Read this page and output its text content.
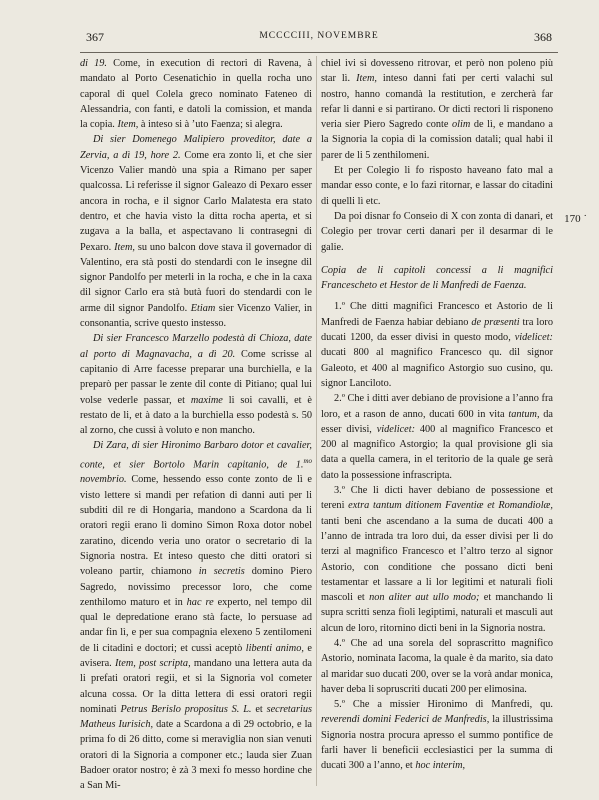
367	MCCCCIII, NOVEMBRE	368
170 ˙

di 19. Come, in execution di rectori di Ravena, à mandato al Porto Cesenatichio in quella rocha uno caporal di quel Colela greco nominato Fateneo di Alessandria, con fanti, e datoli la comission, et manda la copia. Item, à inteso si à ’uto Faenza; si alegra.

Di sier Domenego Malipiero proveditor, date a Zervia, a dì 19, hore 2. Come era zonto li, et che sier Vicenzo Valier mandò una spia a Rimano per saper qualcossa. Li referisse il signor Galeazo di Pexaro esser ancora in rocha, e il signor Carlo Malatesta era stato dentro, et che havia visto la ditta rocha aperta, et si zugava a la balla, et aspectavano li contrasegni di Pexaro. Item, su uno balcon dove stava il governador di Valentino, era stà posti do stendardi con le insegne dil signor Pandolfo per meterli in la rocha, e che in la caxa dil signor Carlo era stà butà fuori do stendardi con le arme dil signor Pandolfo. Etiam sier Vicenzo Valier, in consonantia, scrive questo instesso.

Di sier Francesco Marzello podestà di Chioza, date al porto di Magnavacha, a dì 20. Come scrisse al capitanio di Arre facesse preparar una burchiella, e la preparò per passar le zente dil conte di Pitiano; qual lui volse vederle passar, et maxime li soi cavalli, et è restato de li, et à dato a la burchiella esso podestà s. 50 al zorno, che cussì à voluto e non mancho.

Di Zara, di sier Hironimo Barbaro dotor et cavalier, conte, et sier Bortolo Marin capitanio, de 1.$^{mo}$ novembrio. Come, hessendo esso conte zonto de lì e visto lettere si mandi per refation di danni auti per li subditi dil re di Hongaria, mandono a Scardona da li oratori regii erano lì domino Simon Roxa dotor nobel zaratino, dicendo veria uno orator o secretario di la Signoria nostra. Et inteso questo che ditti oratori si voleano partir, chiamono in secretis domino Piero Sagredo, novissimo precessor loro, che come zenthilomo maturo et in hac re experto, nel tempo dil qual le depredatione erano stà facte, lo persuase ad andar fin lì, e per sua compagnia elexeno 5 zentilomeni de li citadini e doctori; et cussì aceptò libenti animo, e avisera. Item, post scripta, mandano una lettera auta da li prefati oratori regii, et si la Signoria vol cometer alcuna cossa. Or la ditta lettera di essi oratori regii nominati Petrus Berislo propositus S. L. et secretarius Matheus Iurisich, date a Scardona a dì 29 octobrio, e la prima fo di 26 ditto, come si meraviglia non sian venuti oratori di la Signoria a componer etc.; lauda sier Zuan Badoer orator nostro; è zà 3 mexi fo messo hordine che a San Mi-

chiel ivi si dovesseno ritrovar, et però non poleno più star lì. Item, inteso danni fati per certi valachi sul nostro, hanno comandà la restitution, e zercherà far refar li danni e si partirano. Or dicti rectori li risponeno veria sier Piero Sagredo conte olim de lì, e mandano a la Signoria la copia di la comission datali; qual habi il parer de li 5 zenthilomeni.

Et per Colegio li fo risposto haveano fato mal a mandar esso conte, e lo fazi ritornar, e lassar do citadini di quelli lì etc.

Da poi disnar fo Conseio di X con zonta di danari, et Colegio per trovar certi danari per il desarmar di le galie.

Copia de li capitoli concessi a li magnifici Francescheto et Hestor de li Manfredi de Faenza.

1.º Che ditti magnifici Francesco et Astorio de li Manfredi de Faenza habiar debiano de præsenti tra loro ducati 1200, da esser divisi in questo modo, videlicet: ducati 800 al magnifico Francesco qu. dil signor Galeoto, et 400 al magnifico Astorgio suo cusino, qu. signor Lanciloto.

2.º Che i ditti aver debiano de provisione a l’anno fra loro, et a rason de anno, ducati 600 in vita tantum, da esser divisi, videlicet: 400 al magnifico Francesco et 200 al magnifico Astorgio; la qual provisione gli sia data a quella camera, in el teritorio de la quale ge serà dato la possessione infrascripta.

3.º Che li dicti haver debiano de possessione et tereni extra tantum ditionem Faventiæ et Romandiolæ, tanti beni che ascendano a la suma de ducati 400 a l’anno de intrada tra loro dui, da esser divisi per li do terzi al magnifico Francesco et l’altro terzo al signor Astorio, con conditione che possano dicti beni testamentar et lassare a li lor legitimi et naturali fioli mascoli et non aliter aut ullo modo; et manchando li supra scritti senza fioli legiptimi, naturali et masculi aut alcun de loro, ritornino dicti beni in la Signoria nostra.

4.º Che ad una sorela del soprascritto magnifico Astorio, nominata Iacoma, la quale è da marito, sia dato al maridar suo ducati 200, over se la vorà andar monica, haver deba li sopruscriti ducati 200 per elimosina.

5.º Che a missier Hironimo di Manfredi, qu. reverendi domini Federici de Manfredis, la illustrissima Signoria nostra procura apresso el summo pontifice de farli haver li beneficii ecclesiastici per la summa di ducati 300 a l’anno, et hoc interim,
